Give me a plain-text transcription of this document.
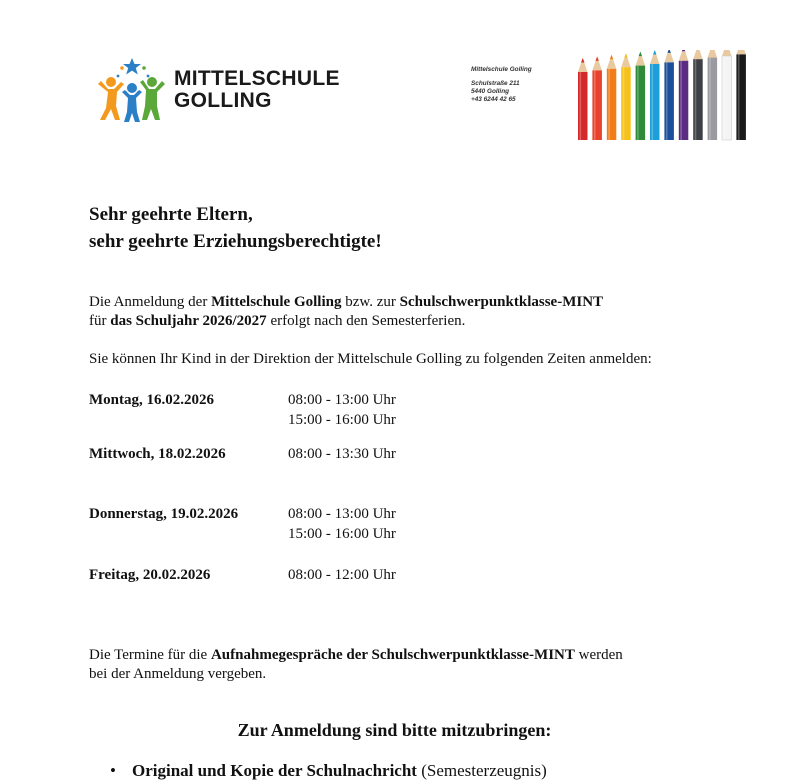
MITTELSCHULE
GOLLING
Mittelschule Golling
Schulstraße 211
5440 Golling
+43 6244 42 65
Sehr geehrte Eltern,
sehr geehrte Erziehungsberechtigte!
Die Anmeldung der Mittelschule Golling bzw. zur Schulschwerpunktklasse-MINT
für das Schuljahr 2026/2027 erfolgt nach den Semesterferien.
Sie können Ihr Kind in der Direktion der Mittelschule Golling zu folgenden Zeiten anmelden:
Montag, 16.02.2026	08:00 - 13:00 Uhr
15:00 - 16:00 Uhr
Mittwoch, 18.02.2026	08:00 - 13:30 Uhr
Donnerstag, 19.02.2026	08:00 - 13:00 Uhr
15:00 - 16:00 Uhr
Freitag, 20.02.2026	08:00 - 12:00 Uhr
Die Termine für die Aufnahmegespräche der Schulschwerpunktklasse-MINT werden
bei der Anmeldung vergeben.
Zur Anmeldung sind bitte mitzubringen:
• Original und Kopie der Schulnachricht (Semesterzeugnis)
